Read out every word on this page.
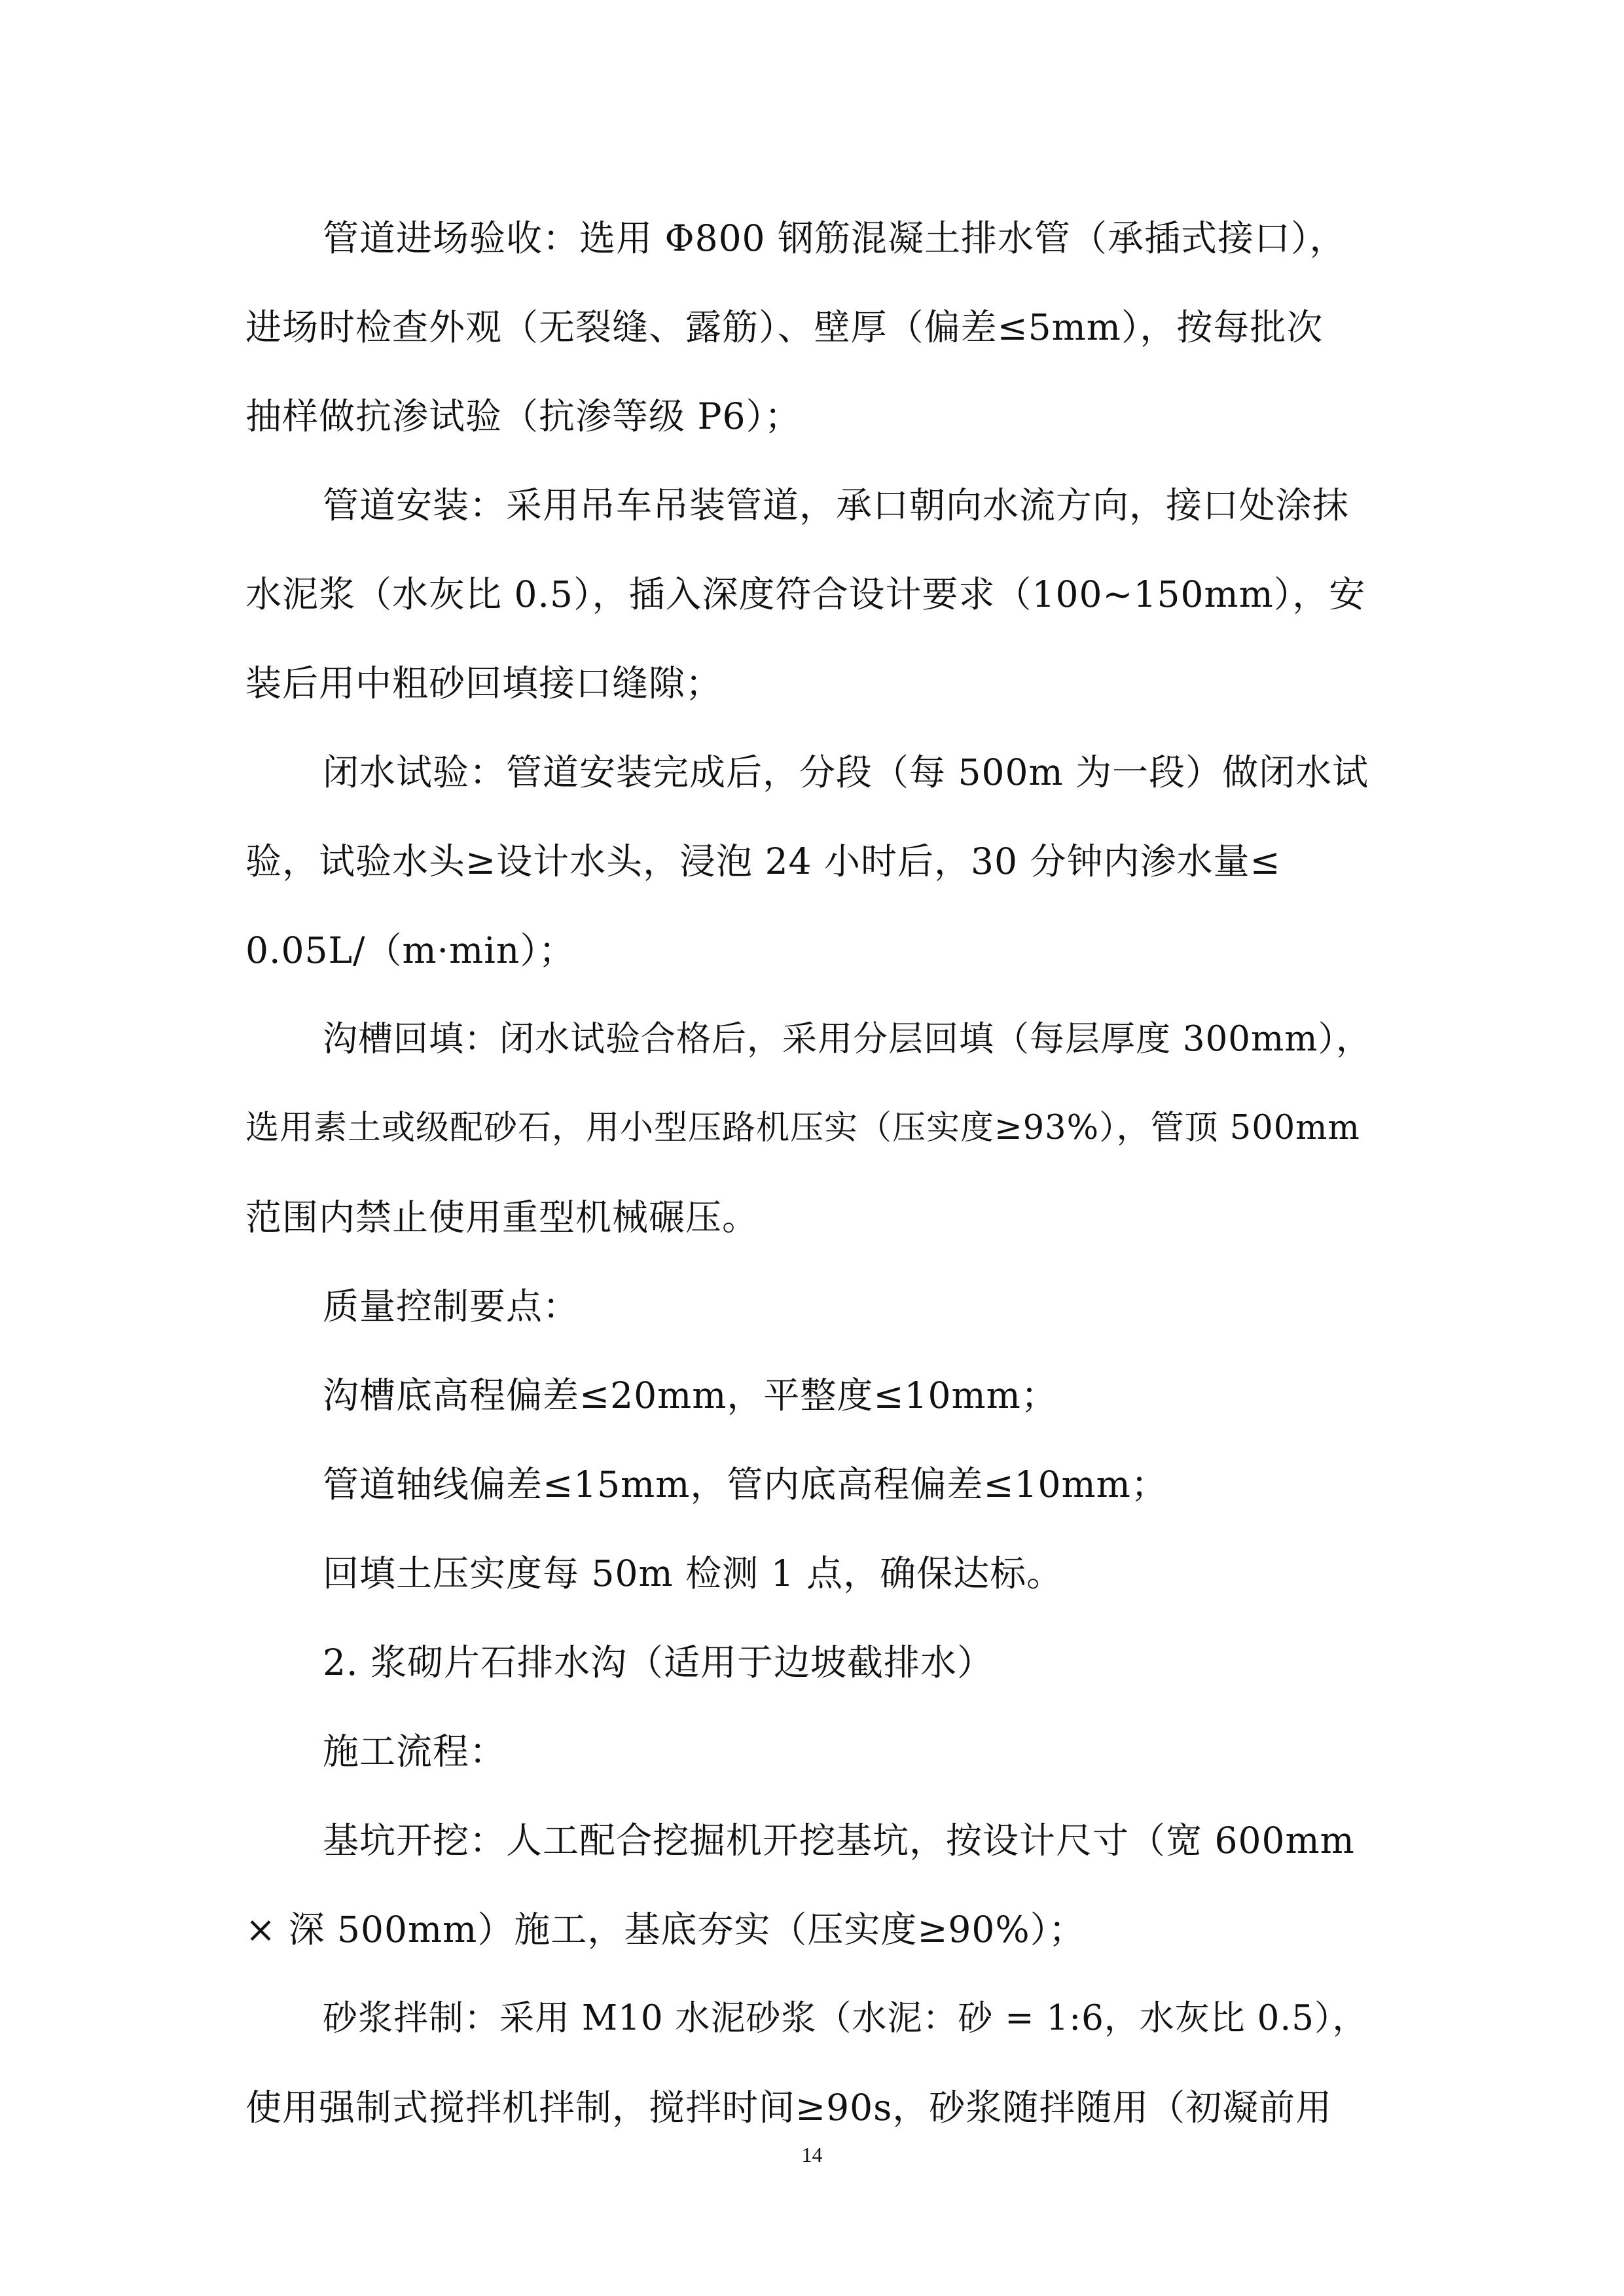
管道进场验收：选用 Φ800 钢筋混凝土排水管（承插式接口），
进场时检查外观（无裂缝、露筋）、壁厚（偏差≤5mm），按每批次
抽样做抗渗试验（抗渗等级 P6）；
管道安装：采用吊车吊装管道，承口朝向水流方向，接口处涂抹
水泥浆（水灰比 0.5），插入深度符合设计要求（100~150mm），安
装后用中粗砂回填接口缝隙；
闭水试验：管道安装完成后，分段（每 500m 为一段）做闭水试
验，试验水头≥设计水头，浸泡 24 小时后，30 分钟内渗水量≤
0.05L/（m·min）；
沟槽回填：闭水试验合格后，采用分层回填（每层厚度 300mm），
选用素土或级配砂石，用小型压路机压实（压实度≥93%），管顶 500mm
范围内禁止使用重型机械碾压。
质量控制要点：
沟槽底高程偏差≤20mm，平整度≤10mm；
管道轴线偏差≤15mm，管内底高程偏差≤10mm；
回填土压实度每 50m 检测 1 点，确保达标。
2. 浆砌片石排水沟（适用于边坡截排水）
施工流程：
基坑开挖：人工配合挖掘机开挖基坑，按设计尺寸（宽 600mm
× 深 500mm）施工，基底夯实（压实度≥90%）；
砂浆拌制：采用 M10 水泥砂浆（水泥：砂 = 1:6，水灰比 0.5），
使用强制式搅拌机拌制，搅拌时间≥90s，砂浆随拌随用（初凝前用
14
